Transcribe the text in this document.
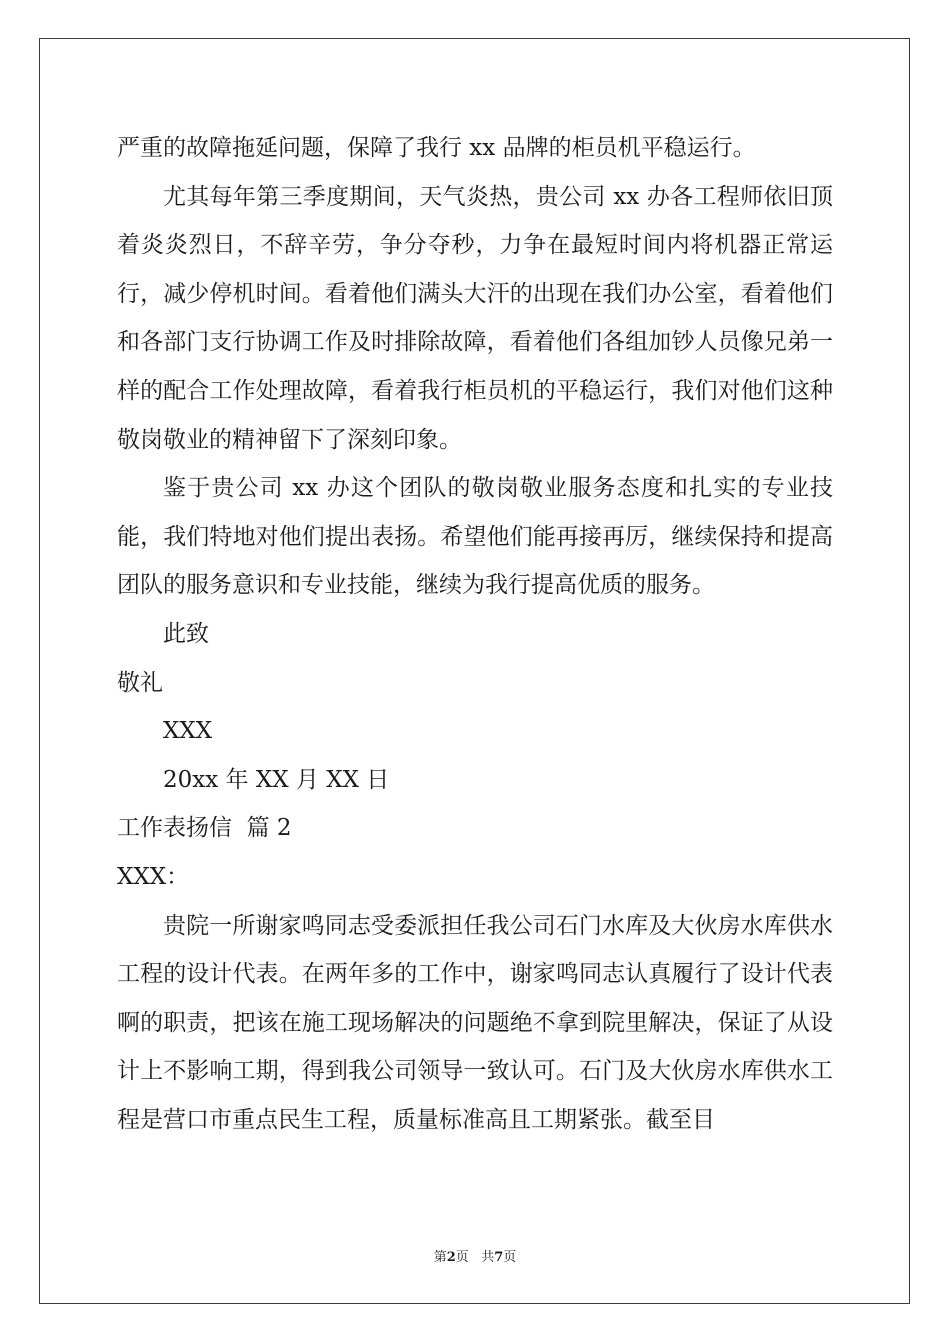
严重的故障拖延问题，保障了我行 xx 品牌的柜员机平稳运行。

尤其每年第三季度期间，天气炎热，贵公司 xx 办各工程师依旧顶着炎炎烈日，不辞辛劳，争分夺秒，力争在最短时间内将机器正常运行，减少停机时间。看着他们满头大汗的出现在我们办公室，看着他们和各部门支行协调工作及时排除故障，看着他们各组加钞人员像兄弟一样的配合工作处理故障，看着我行柜员机的平稳运行，我们对他们这种敬岗敬业的精神留下了深刻印象。

鉴于贵公司 xx 办这个团队的敬岗敬业服务态度和扎实的专业技能，我们特地对他们提出表扬。希望他们能再接再厉，继续保持和提高团队的服务意识和专业技能，继续为我行提高优质的服务。

此致

敬礼

XXX

20xx 年 XX 月 XX 日

工作表扬信  篇 2

XXX：

贵院一所谢家鸣同志受委派担任我公司石门水库及大伙房水库供水工程的设计代表。在两年多的工作中，谢家鸣同志认真履行了设计代表啊的职责，把该在施工现场解决的问题绝不拿到院里解决，保证了从设计上不影响工期，得到我公司领导一致认可。石门及大伙房水库供水工程是营口市重点民生工程，质量标准高且工期紧张。截至目

第2页   共7页
